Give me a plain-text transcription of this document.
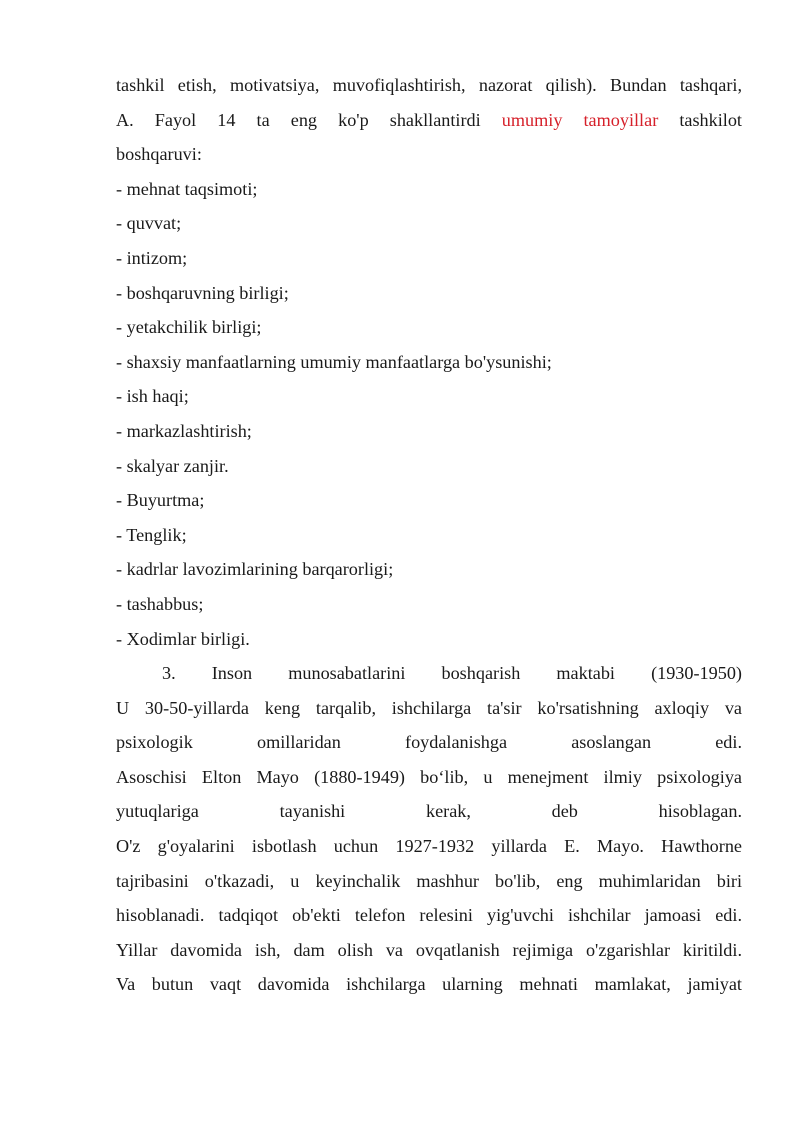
tashkil etish, motivatsiya, muvofiqlashtirish, nazorat qilish). Bundan tashqari,
A. Fayol 14 ta eng ko'p shakllantirdi umumiy tamoyillar tashkilot
boshqaruvi:
- mehnat taqsimoti;
- quvvat;
- intizom;
- boshqaruvning birligi;
- yetakchilik birligi;
- shaxsiy manfaatlarning umumiy manfaatlarga bo'ysunishi;
- ish haqi;
- markazlashtirish;
- skalyar zanjir.
- Buyurtma;
- Tenglik;
- kadrlar lavozimlarining barqarorligi;
- tashabbus;
- Xodimlar birligi.
3. Inson munosabatlarini boshqarish maktabi (1930-1950)
U 30-50-yillarda keng tarqalib, ishchilarga ta'sir ko'rsatishning axloqiy va
psixologik omillaridan foydalanishga asoslangan edi.
Asoschisi Elton Mayo (1880-1949) bo‘lib, u menejment ilmiy psixologiya
yutuqlariga tayanishi kerak, deb hisoblagan.
O'z g'oyalarini isbotlash uchun 1927-1932 yillarda E. Mayo. Hawthorne
tajribasini o'tkazadi, u keyinchalik mashhur bo'lib, eng muhimlaridan biri
hisoblanadi. tadqiqot ob'ekti telefon relesini yig'uvchi ishchilar jamoasi edi.
Yillar davomida ish, dam olish va ovqatlanish rejimiga o'zgarishlar kiritildi.
Va butun vaqt davomida ishchilarga ularning mehnati mamlakat, jamiyat
